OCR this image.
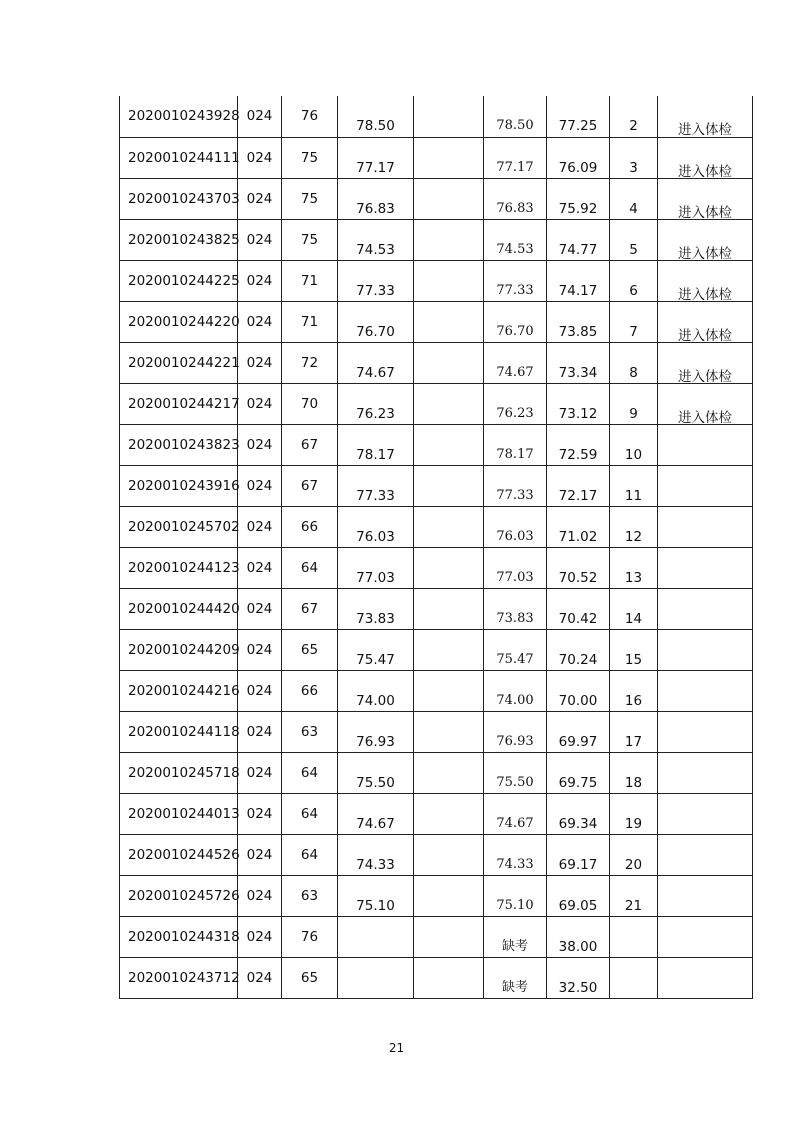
2020010243928	024	76	78.50		78.50	77.25	2	进入体检

2020010244111	024	75	77.17		77.17	76.09	3	进入体检

2020010243703	024	75	76.83		76.83	75.92	4	进入体检

2020010243825	024	75	74.53		74.53	74.77	5	进入体检

2020010244225	024	71	77.33		77.33	74.17	6	进入体检

2020010244220	024	71	76.70		76.70	73.85	7	进入体检

2020010244221	024	72	74.67		74.67	73.34	8	进入体检

2020010244217	024	70	76.23		76.23	73.12	9	进入体检

2020010243823	024	67	78.17		78.17	72.59	10	

2020010243916	024	67	77.33		77.33	72.17	11	

2020010245702	024	66	76.03		76.03	71.02	12	

2020010244123	024	64	77.03		77.03	70.52	13	

2020010244420	024	67	73.83		73.83	70.42	14	

2020010244209	024	65	75.47		75.47	70.24	15	

2020010244216	024	66	74.00		74.00	70.00	16	

2020010244118	024	63	76.93		76.93	69.97	17	

2020010245718	024	64	75.50		75.50	69.75	18	

2020010244013	024	64	74.67		74.67	69.34	19	

2020010244526	024	64	74.33		74.33	69.17	20	

2020010245726	024	63	75.10		75.10	69.05	21	

2020010244318	024	76			缺考	38.00		

2020010243712	024	65			缺考	32.50		

21
